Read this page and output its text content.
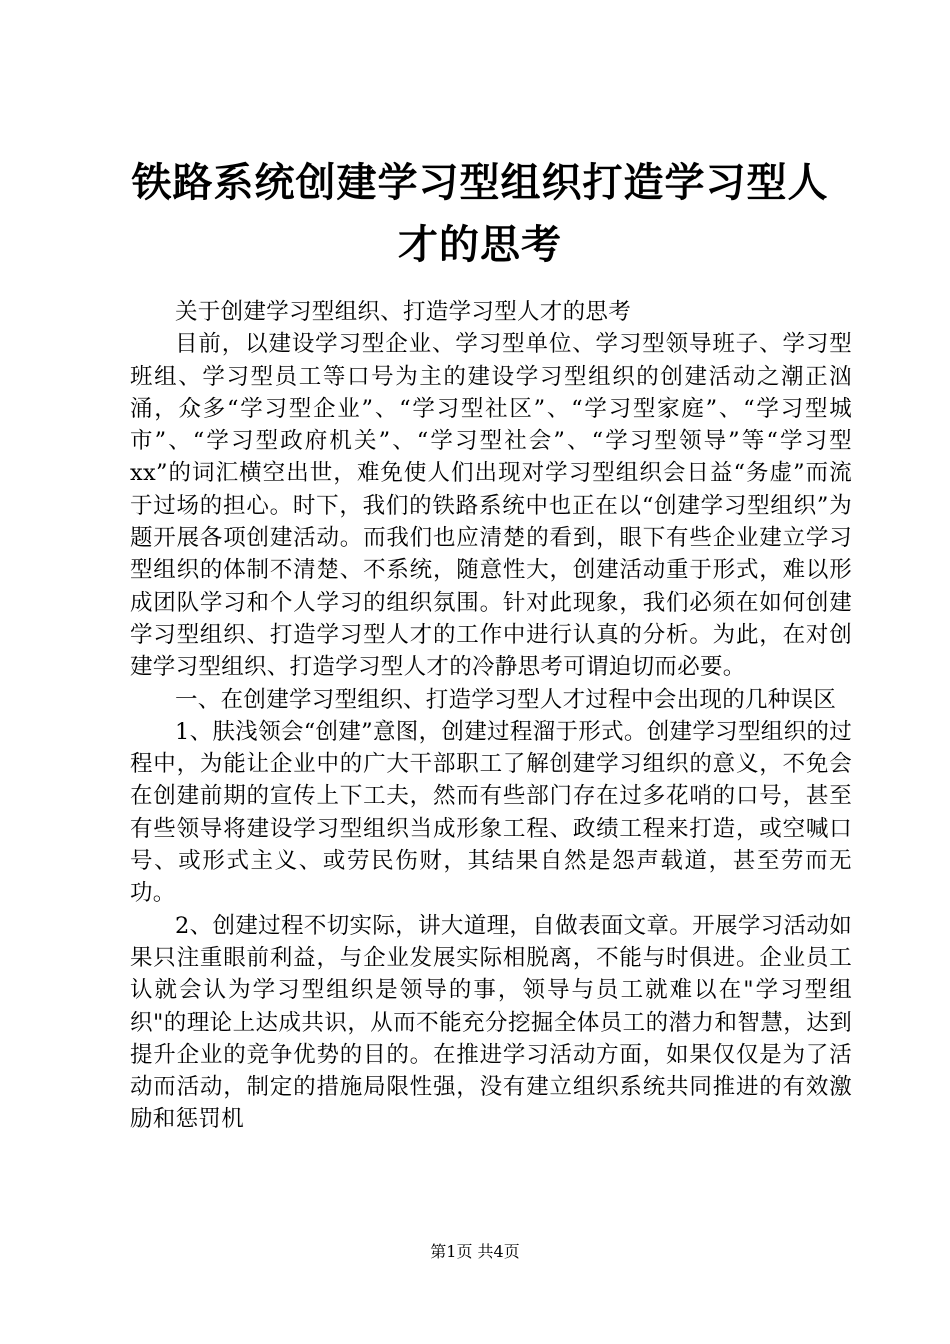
铁路系统创建学习型组织打造学习型人才的思考

关于创建学习型组织、打造学习型人才的思考

目前，以建设学习型企业、学习型单位、学习型领导班子、学习型班组、学习型员工等口号为主的建设学习型组织的创建活动之潮正汹涌，众多“学习型企业”、“学习型社区”、“学习型家庭”、“学习型城市”、“学习型政府机关”、“学习型社会”、“学习型领导”等“学习型xx”的词汇横空出世，难免使人们出现对学习型组织会日益“务虚”而流于过场的担心。时下，我们的铁路系统中也正在以“创建学习型组织”为题开展各项创建活动。而我们也应清楚的看到，眼下有些企业建立学习型组织的体制不清楚、不系统，随意性大，创建活动重于形式，难以形成团队学习和个人学习的组织氛围。针对此现象，我们必须在如何创建学习型组织、打造学习型人才的工作中进行认真的分析。为此，在对创建学习型组织、打造学习型人才的冷静思考可谓迫切而必要。

一、在创建学习型组织、打造学习型人才过程中会出现的几种误区

1、肤浅领会“创建”意图，创建过程溜于形式。创建学习型组织的过程中，为能让企业中的广大干部职工了解创建学习组织的意义，不免会在创建前期的宣传上下工夫，然而有些部门存在过多花哨的口号，甚至有些领导将建设学习型组织当成形象工程、政绩工程来打造，或空喊口号、或形式主义、或劳民伤财，其结果自然是怨声载道，甚至劳而无功。

2、创建过程不切实际，讲大道理，自做表面文章。开展学习活动如果只注重眼前利益，与企业发展实际相脱离，不能与时俱进。企业员工认就会认为学习型组织是领导的事，领导与员工就难以在"学习型组织"的理论上达成共识，从而不能充分挖掘全体员工的潜力和智慧，达到提升企业的竞争优势的目的。在推进学习活动方面，如果仅仅是为了活动而活动，制定的措施局限性强，没有建立组织系统共同推进的有效激励和惩罚机

第1页 共4页
